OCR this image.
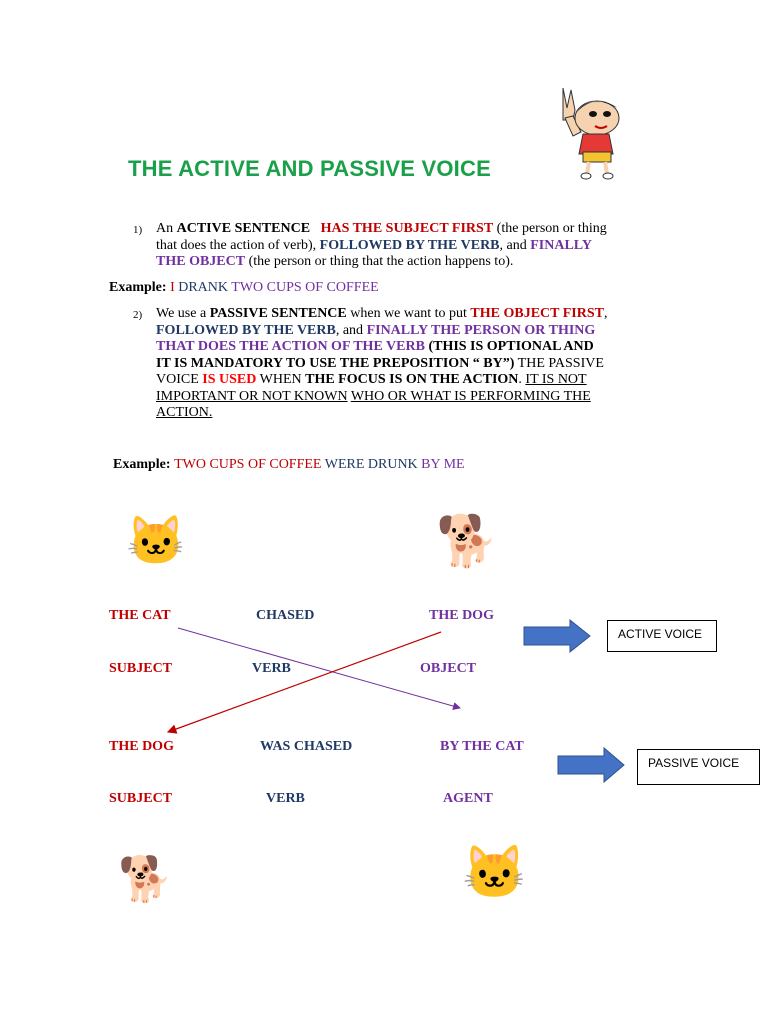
THE ACTIVE AND PASSIVE VOICE
1) An ACTIVE SENTENCE HAS THE SUBJECT FIRST (the person or thing
that does the action of verb), FOLLOWED BY THE VERB, and FINALLY
THE OBJECT (the person or thing that the action happens to).
Example: I DRANK TWO CUPS OF COFFEE
2) We use a PASSIVE SENTENCE when we want to put THE OBJECT FIRST,
FOLLOWED BY THE VERB, and FINALLY THE PERSON OR THING
THAT DOES THE ACTION OF THE VERB (THIS IS OPTIONAL AND
IT IS MANDATORY TO USE THE PREPOSITION “ BY”) THE PASSIVE
VOICE IS USED WHEN THE FOCUS IS ON THE ACTION. IT IS NOT
IMPORTANT OR NOT KNOWN WHO OR WHAT IS PERFORMING THE
ACTION.
Example: TWO CUPS OF COFFEE WERE DRUNK BY ME
🐱	🐕
🐕	🐱
THE CAT	CHASED	THE DOG
SUBJECT	VERB	OBJECT
THE DOG	WAS CHASED	BY THE CAT
SUBJECT	VERB	AGENT
ACTIVE VOICE
PASSIVE VOICE
